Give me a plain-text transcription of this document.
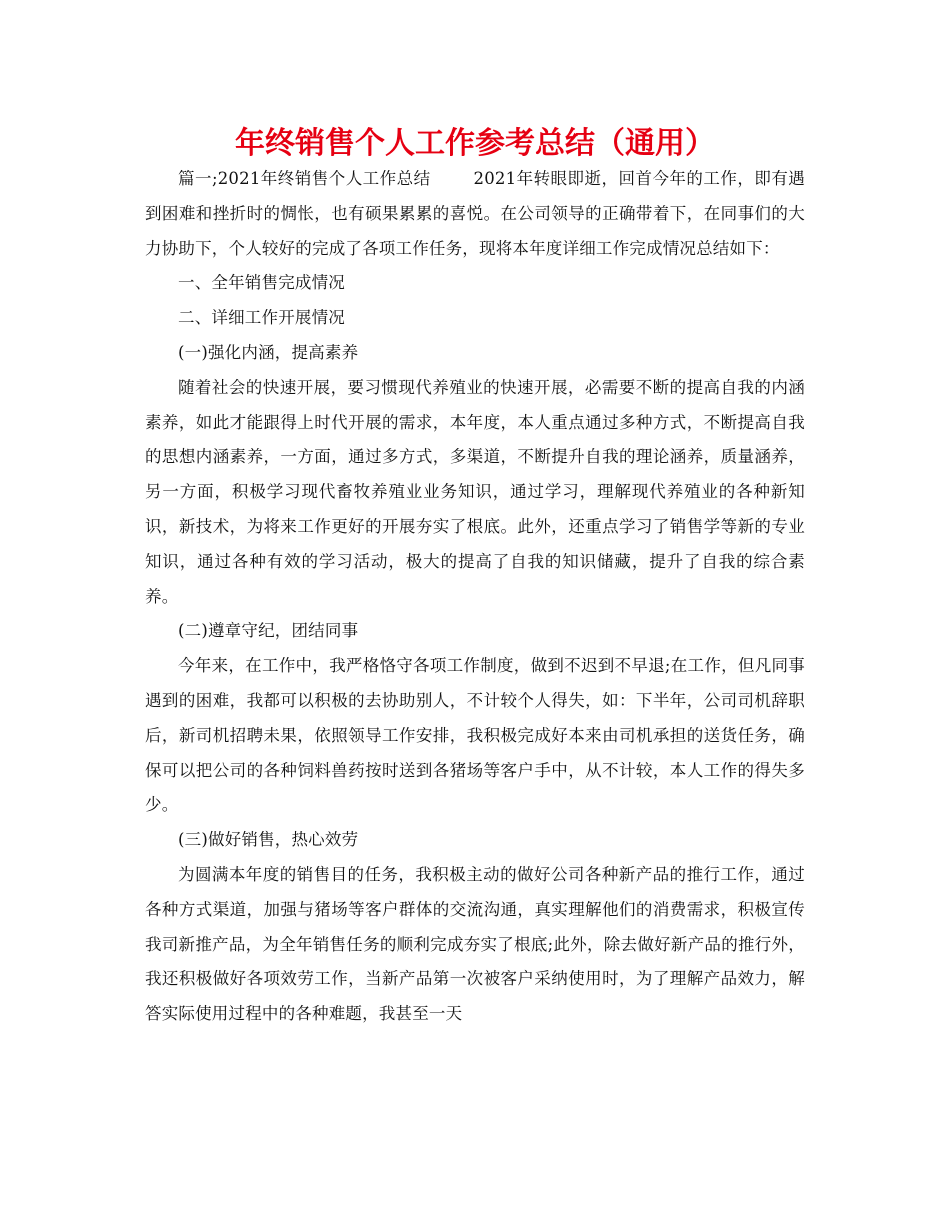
年终销售个人工作参考总结（通用）

篇一;2021年终销售个人工作总结	2021年转眼即逝，回首今年的工作，即有遇到困难和挫折时的惆怅，也有硕果累累的喜悦。在公司领导的正确带着下，在同事们的大力协助下，个人较好的完成了各项工作任务，现将本年度详细工作完成情况总结如下：

一、全年销售完成情况

二、详细工作开展情况

(一)强化内涵，提高素养

随着社会的快速开展，要习惯现代养殖业的快速开展，必需要不断的提高自我的内涵素养，如此才能跟得上时代开展的需求，本年度，本人重点通过多种方式，不断提高自我的思想内涵素养，一方面，通过多方式，多渠道，不断提升自我的理论涵养，质量涵养，另一方面，积极学习现代畜牧养殖业业务知识，通过学习，理解现代养殖业的各种新知识，新技术，为将来工作更好的开展夯实了根底。此外，还重点学习了销售学等新的专业知识，通过各种有效的学习活动，极大的提高了自我的知识储藏，提升了自我的综合素养。

(二)遵章守纪，团结同事

今年来，在工作中，我严格恪守各项工作制度，做到不迟到不早退;在工作，但凡同事遇到的困难，我都可以积极的去协助别人，不计较个人得失，如：下半年，公司司机辞职后，新司机招聘未果，依照领导工作安排，我积极完成好本来由司机承担的送货任务，确保可以把公司的各种饲料兽药按时送到各猪场等客户手中，从不计较，本人工作的得失多少。

(三)做好销售，热心效劳

为圆满本年度的销售目的任务，我积极主动的做好公司各种新产品的推行工作，通过各种方式渠道，加强与猪场等客户群体的交流沟通，真实理解他们的消费需求，积极宣传我司新推产品，为全年销售任务的顺利完成夯实了根底;此外，除去做好新产品的推行外，我还积极做好各项效劳工作，当新产品第一次被客户采纳使用时，为了理解产品效力，解答实际使用过程中的各种难题，我甚至一天
